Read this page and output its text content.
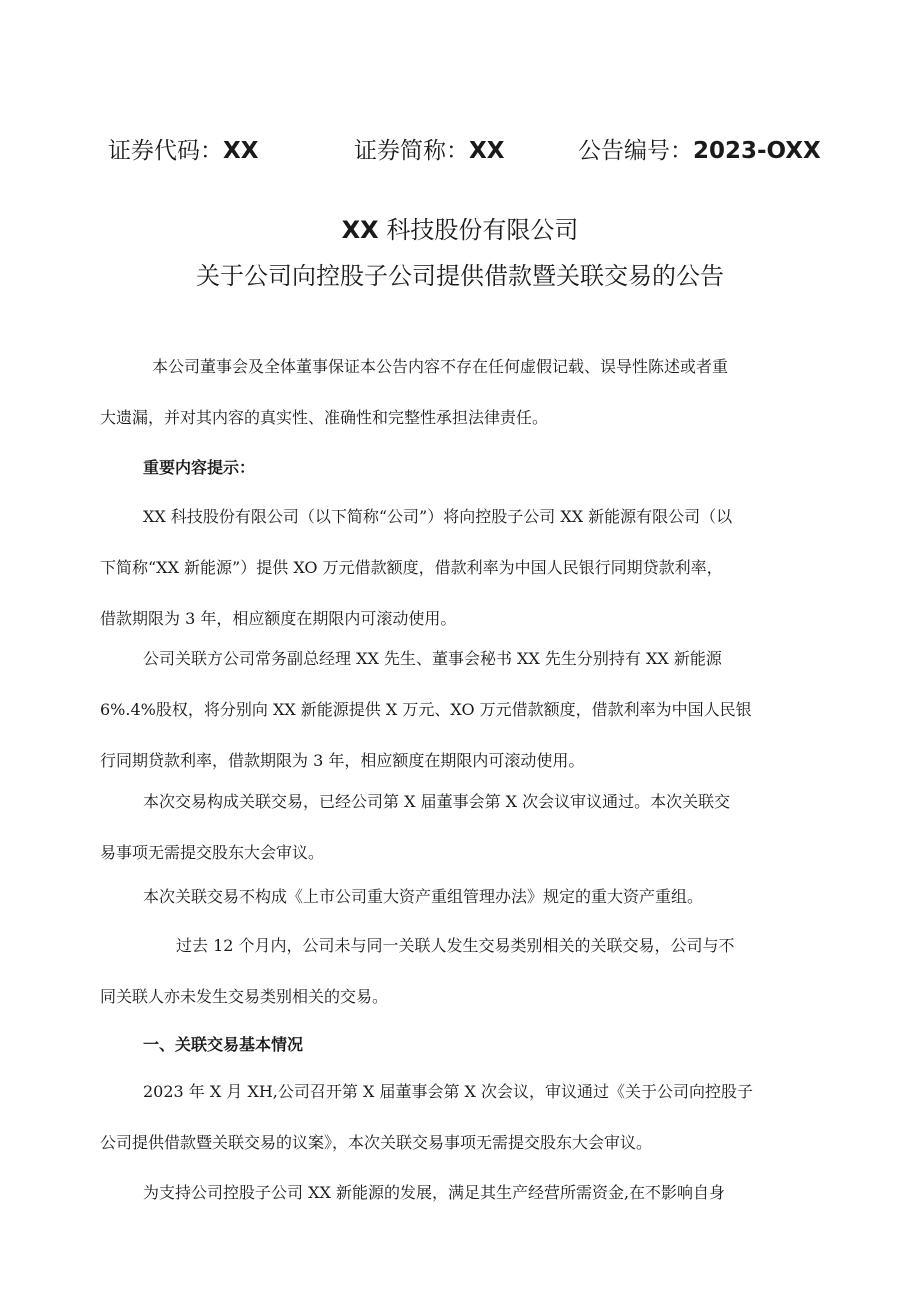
证券代码：XX	证券简称：XX	公告编号：2023-OXX
XX 科技股份有限公司
关于公司向控股子公司提供借款暨关联交易的公告
本公司董事会及全体董事保证本公告内容不存在任何虚假记载、误导性陈述或者重
大遗漏，并对其内容的真实性、准确性和完整性承担法律责任。
重要内容提示：
XX 科技股份有限公司（以下简称“公司”）将向控股子公司 XX 新能源有限公司（以
下简称“XX 新能源”）提供 XO 万元借款额度，借款利率为中国人民银行同期贷款利率，
借款期限为 3 年，相应额度在期限内可滚动使用。
公司关联方公司常务副总经理 XX 先生、董事会秘书 XX 先生分别持有 XX 新能源
6%.4%股权，将分别向 XX 新能源提供 X 万元、XO 万元借款额度，借款利率为中国人民银
行同期贷款利率，借款期限为 3 年，相应额度在期限内可滚动使用。
本次交易构成关联交易，已经公司第 X 届董事会第 X 次会议审议通过。本次关联交
易事项无需提交股东大会审议。
本次关联交易不构成《上市公司重大资产重组管理办法》规定的重大资产重组。
过去 12 个月内，公司未与同一关联人发生交易类别相关的关联交易，公司与不
同关联人亦未发生交易类别相关的交易。
一、关联交易基本情况
2023 年 X 月 XH,公司召开第 X 届董事会第 X 次会议，审议通过《关于公司向控股子
公司提供借款暨关联交易的议案》，本次关联交易事项无需提交股东大会审议。
为支持公司控股子公司 XX 新能源的发展，满足其生产经营所需资金,在不影响自身
